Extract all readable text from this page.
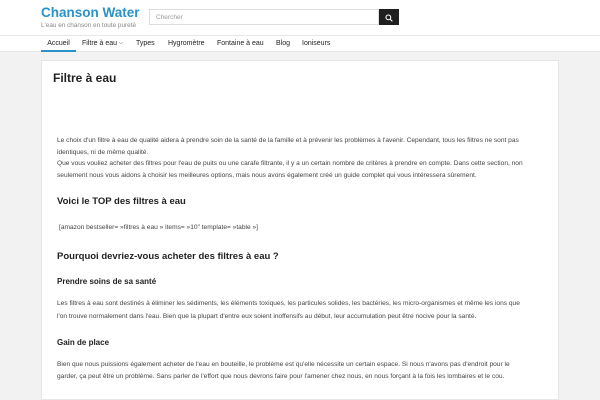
Chanson Water
L'eau en chanson en toute pureté
Chercher
Accueil	Filtre à eau ⌵ Types Hygromètre Fontaine à eau Blog Ioniseurs
Filtre à eau
Le choix d'un filtre à eau de qualité aidera à prendre soin de la santé de la famille et à prévenir les problèmes à l'avenir. Cependant, tous les filtres ne sont pas
identiques, ni de même qualité.
Que vous vouliez acheter des filtres pour l'eau de puits ou une carafe filtrante, il y a un certain nombre de critères à prendre en compte. Dans cette section, non
seulement nous vous aidons à choisir les meilleures options, mais nous avons également créé un guide complet qui vous intéressera sûrement.
Voici le TOP des filtres à eau
[amazon bestseller= »filtres à eau » items= »10″ template= »table »]
Pourquoi devriez-vous acheter des filtres à eau ?
Prendre soins de sa santé
Les filtres à eau sont destinés à éliminer les sédiments, les éléments toxiques, les particules solides, les bactéries, les micro-organismes et même les ions que
l'on trouve normalement dans l'eau. Bien que la plupart d'entre eux soient inoffensifs au début, leur accumulation peut être nocive pour la santé.
Gain de place
Bien que nous puissions également acheter de l'eau en bouteille, le problème est qu'elle nécessite un certain espace. Si nous n'avons pas d'endroit pour le
garder, ça peut être un problème. Sans parler de l'effort que nous devrons faire pour l'amener chez nous, en nous forçant à la fois les lombaires et le cou.
